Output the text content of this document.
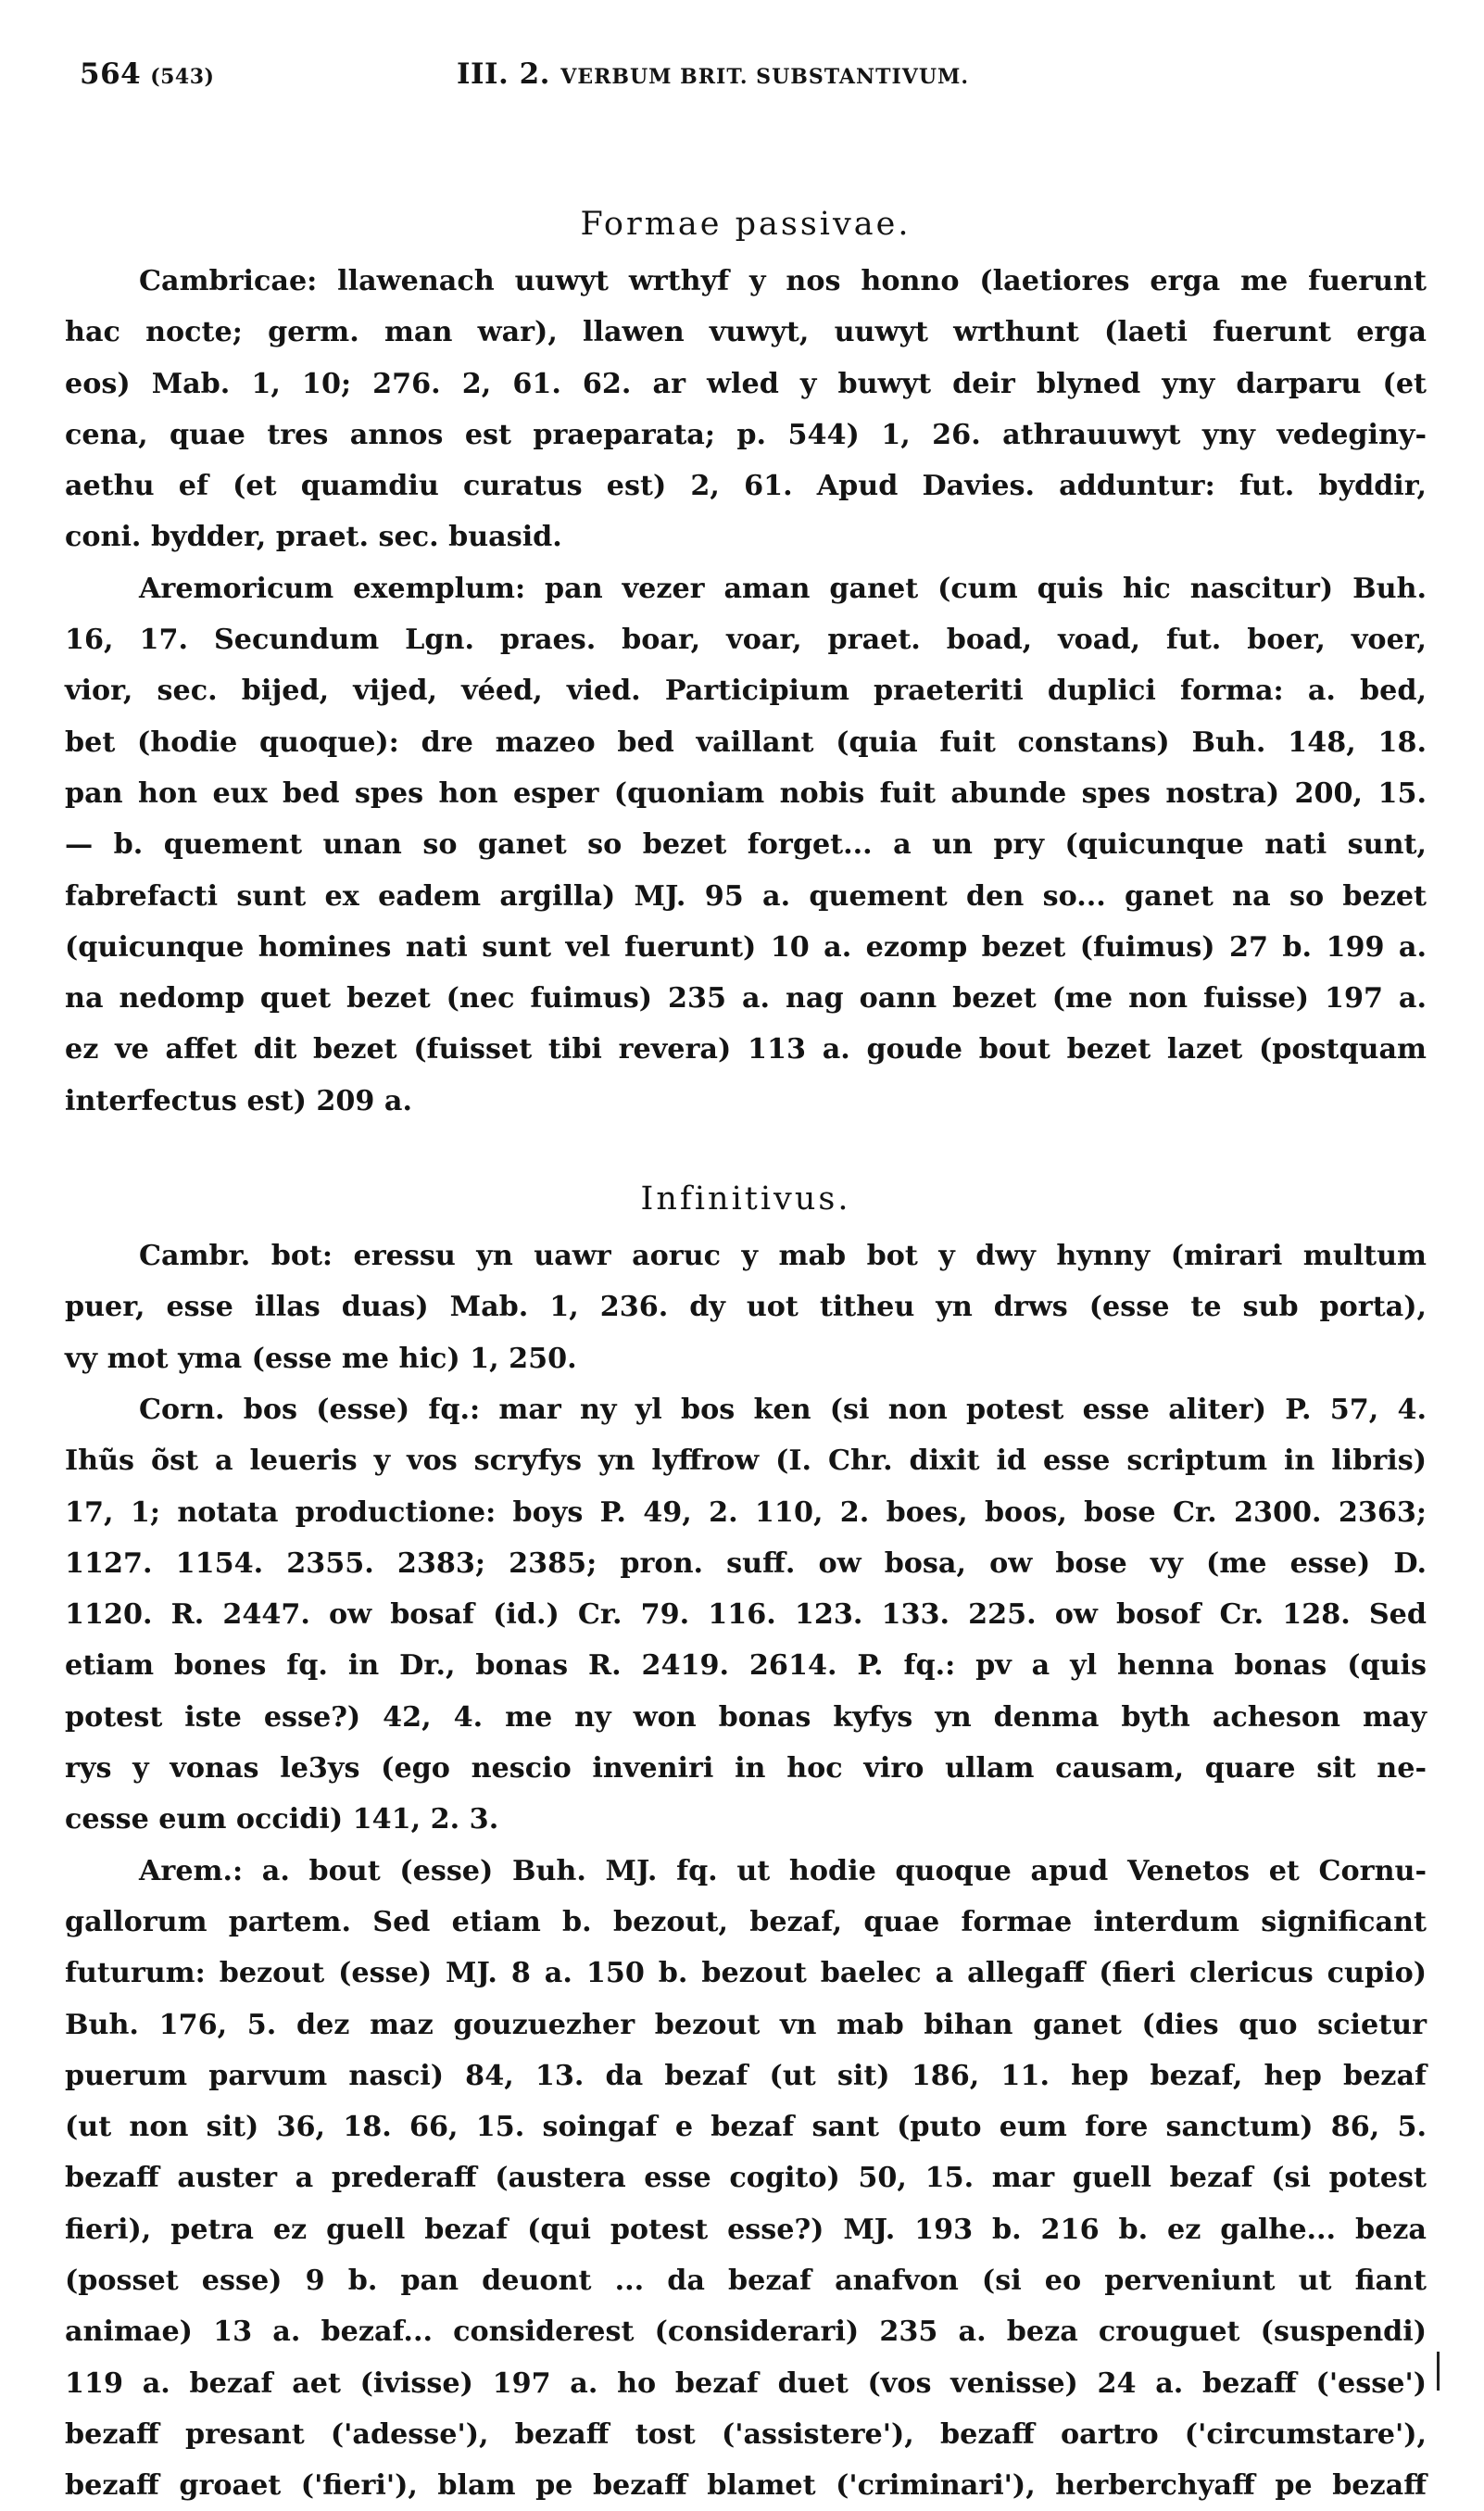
564 (543)	III. 2. VERBUM BRIT. SUBSTANTIVUM.
Formae passivae.
Cambricae: llawenach uuwyt wrthyf y nos honno (laetiores erga me fuerunt
hac nocte; germ. man war), llawen vuwyt, uuwyt wrthunt (laeti fuerunt erga
eos) Mab. 1, 10; 276. 2, 61. 62. ar wled y buwyt deir blyned yny darparu (et
cena, quae tres annos est praeparata; p. 544) 1, 26. athrauuwyt yny vedeginy-
aethu ef (et quamdiu curatus est) 2, 61. Apud Davies. adduntur: fut. byddir,
coni. bydder, praet. sec. buasid.
Aremoricum exemplum: pan vezer aman ganet (cum quis hic nascitur) Buh.
16, 17. Secundum Lgn. praes. boar, voar, praet. boad, voad, fut. boer, voer,
vior, sec. bijed, vijed, véed, vied. Participium praeteriti duplici forma: a. bed,
bet (hodie quoque): dre mazeo bed vaillant (quia fuit constans) Buh. 148, 18.
pan hon eux bed spes hon esper (quoniam nobis fuit abunde spes nostra) 200, 15.
— b. quement unan so ganet so bezet forget... a un pry (quicunque nati sunt,
fabrefacti sunt ex eadem argilla) MJ. 95 a. quement den so... ganet na so bezet
(quicunque homines nati sunt vel fuerunt) 10 a. ezomp bezet (fuimus) 27 b. 199 a.
na nedomp quet bezet (nec fuimus) 235 a. nag oann bezet (me non fuisse) 197 a.
ez ve affet dit bezet (fuisset tibi revera) 113 a. goude bout bezet lazet (postquam
interfectus est) 209 a.
Infinitivus.
Cambr. bot: eressu yn uawr aoruc y mab bot y dwy hynny (mirari multum
puer, esse illas duas) Mab. 1, 236. dy uot titheu yn drws (esse te sub porta),
vy mot yma (esse me hic) 1, 250.
Corn. bos (esse) fq.: mar ny yl bos ken (si non potest esse aliter) P. 57, 4.
Ihũs õst a leueris y vos scryfys yn lyffrow (I. Chr. dixit id esse scriptum in libris)
17, 1; notata productione: boys P. 49, 2. 110, 2. boes, boos, bose Cr. 2300. 2363;
1127. 1154. 2355. 2383; 2385; pron. suff. ow bosa, ow bose vy (me esse) D.
1120. R. 2447. ow bosaf (id.) Cr. 79. 116. 123. 133. 225. ow bosof Cr. 128. Sed
etiam bones fq. in Dr., bonas R. 2419. 2614. P. fq.: pv a yl henna bonas (quis
potest iste esse?) 42, 4. me ny won bonas kyfys yn denma byth acheson may
rys y vonas le3ys (ego nescio inveniri in hoc viro ullam causam, quare sit ne-
cesse eum occidi) 141, 2. 3.
Arem.: a. bout (esse) Buh. MJ. fq. ut hodie quoque apud Venetos et Cornu-
gallorum partem. Sed etiam b. bezout, bezaf, quae formae interdum significant
futurum: bezout (esse) MJ. 8 a. 150 b. bezout baelec a allegaff (fieri clericus cupio)
Buh. 176, 5. dez maz gouzuezher bezout vn mab bihan ganet (dies quo scietur
puerum parvum nasci) 84, 13. da bezaf (ut sit) 186, 11. hep bezaf, hep bezaf
(ut non sit) 36, 18. 66, 15. soingaf e bezaf sant (puto eum fore sanctum) 86, 5.
bezaff auster a prederaff (austera esse cogito) 50, 15. mar guell bezaf (si potest
fieri), petra ez guell bezaf (qui potest esse?) MJ. 193 b. 216 b. ez galhe... beza
(posset esse) 9 b. pan deuont ... da bezaf anafvon (si eo perveniunt ut fiant
animae) 13 a. bezaf... considerest (considerari) 235 a. beza crouguet (suspendi)
119 a. bezaf aet (ivisse) 197 a. ho bezaf duet (vos venisse) 24 a. bezaff ('esse')
bezaff presant ('adesse'), bezaff tost ('assistere'), bezaff oartro ('circumstare'),
bezaff groaet ('fieri'), blam pe bezaff blamet ('criminari'), herberchyaff pe bezaff
